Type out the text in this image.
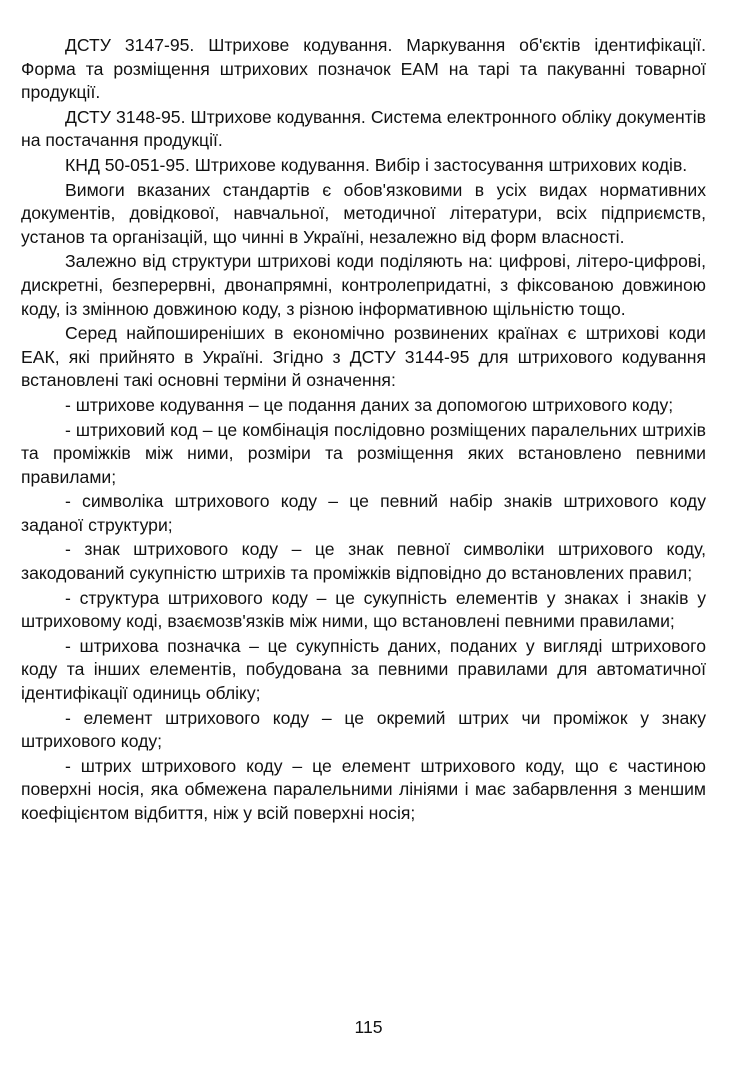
ДСТУ 3147-95. Штрихове кодування. Маркування об'єктів ідентифікації. Форма та розміщення штрихових позначок EAM на тарі та пакуванні товарної продукції.

ДСТУ 3148-95. Штрихове кодування. Система електронного обліку документів на постачання продукції.

КНД 50-051-95. Штрихове кодування. Вибір і застосування штрихових кодів.

Вимоги вказаних стандартів є обов'язковими в усіх видах нормативних документів, довідкової, навчальної, методичної літератури, всіх підприємств, установ та організацій, що чинні в Україні, незалежно від форм власності.

Залежно від структури штрихові коди поділяють на: цифрові, літеро-цифрові, дискретні, безперервні, двонапрямні, контролепридатні, з фіксованою довжиною коду, із змінною довжиною коду, з різною інформативною щільністю тощо.

Серед найпоширеніших в економічно розвинених країнах є штрихові коди ЕАК, які прийнято в Україні. Згідно з ДСТУ 3144-95 для штрихового кодування встановлені такі основні терміни й означення:

- штрихове кодування – це подання даних за допомогою штрихового коду;

- штриховий код – це комбінація послідовно розміщених паралельних штрихів та проміжків між ними, розміри та розміщення яких встановлено певними правилами;

- символіка штрихового коду – це певний набір знаків штрихового коду заданої структури;

- знак штрихового коду – це знак певної символіки штрихового коду, закодований сукупністю штрихів та проміжків відповідно до встановлених правил;

- структура штрихового коду – це сукупність елементів у знаках і знаків у штриховому коді, взаємозв'язків між ними, що встановлені певними правилами;

- штрихова позначка – це сукупність даних, поданих у вигляді штрихового коду та інших елементів, побудована за певними правилами для автоматичної ідентифікації одиниць обліку;

- елемент штрихового коду – це окремий штрих чи проміжок у знаку штрихового коду;

- штрих штрихового коду – це елемент штрихового коду, що є частиною поверхні носія, яка обмежена паралельними лініями і має забарвлення з меншим коефіцієнтом відбиття, ніж у всій поверхні носія;

115
